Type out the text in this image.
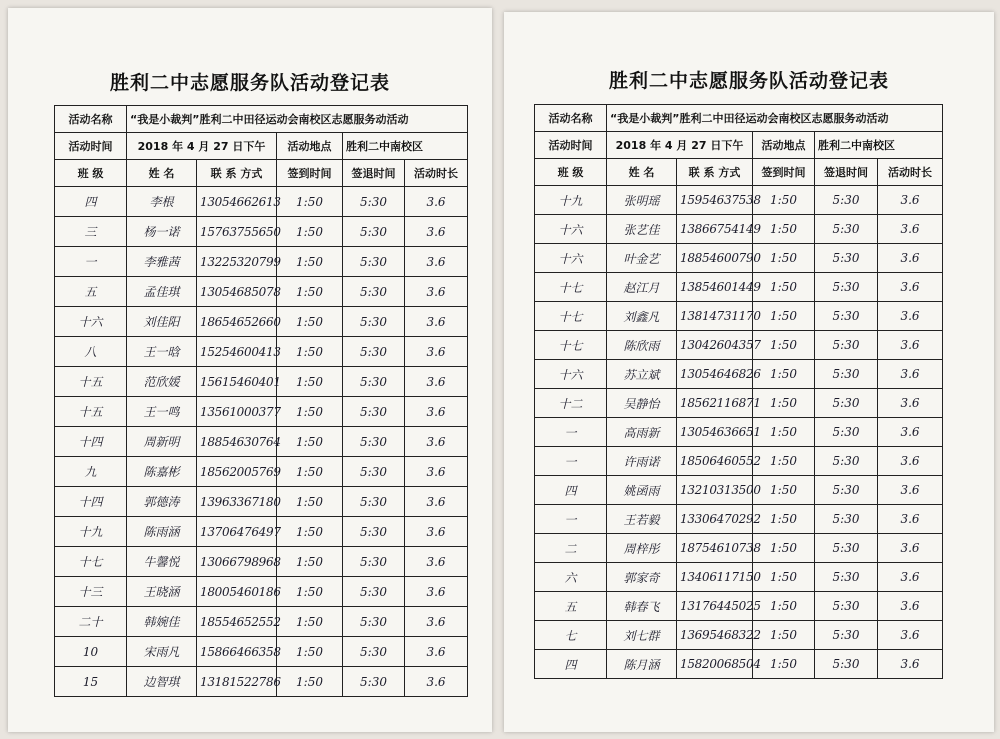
胜利二中志愿服务队活动登记表
活动名称	“我是小裁判”胜利二中田径运动会南校区志愿服务动活动				
活动时间	2018 年 4 月 27 日下午		活动地点	胜利二中南校区	
班 级	姓 名	联 系 方式	签到时间	签退时间	活动时长
四	李根	13054662613	1:50	5:30	3.6
三	杨一诺	15763755650	1:50	5:30	3.6
一	李雅茜	13225320799	1:50	5:30	3.6
五	孟佳琪	13054685078	1:50	5:30	3.6
十六	刘佳阳	18654652660	1:50	5:30	3.6
八	王一晗	15254600413	1:50	5:30	3.6
十五	范欣媛	15615460401	1:50	5:30	3.6
十五	王一鸣	13561000377	1:50	5:30	3.6
十四	周新明	18854630764	1:50	5:30	3.6
九	陈嘉彬	18562005769	1:50	5:30	3.6
十四	郭德涛	13963367180	1:50	5:30	3.6
十九	陈雨涵	13706476497	1:50	5:30	3.6
十七	牛馨悦	13066798968	1:50	5:30	3.6
十三	王晓涵	18005460186	1:50	5:30	3.6
二十	韩婉佳	18554652552	1:50	5:30	3.6
10	宋雨凡	15866466358	1:50	5:30	3.6
15	边智琪	13181522786	1:50	5:30	3.6
胜利二中志愿服务队活动登记表
活动名称	“我是小裁判”胜利二中田径运动会南校区志愿服务动活动				
活动时间	2018 年 4 月 27 日下午		活动地点	胜利二中南校区	
班 级	姓 名	联 系 方式	签到时间	签退时间	活动时长
十九	张明瑶	15954637538	1:50	5:30	3.6
十六	张艺佳	13866754149	1:50	5:30	3.6
十六	叶金艺	18854600790	1:50	5:30	3.6
十七	赵江月	13854601449	1:50	5:30	3.6
十七	刘鑫凡	13814731170	1:50	5:30	3.6
十七	陈欣雨	13042604357	1:50	5:30	3.6
十六	苏立斌	13054646826	1:50	5:30	3.6
十二	吴静怡	18562116871	1:50	5:30	3.6
一	高雨新	13054636651	1:50	5:30	3.6
一	许雨诺	18506460552	1:50	5:30	3.6
四	姚函雨	13210313500	1:50	5:30	3.6
一	王若毅	13306470292	1:50	5:30	3.6
二	周梓彤	18754610738	1:50	5:30	3.6
六	郭家奇	13406117150	1:50	5:30	3.6
五	韩春飞	13176445025	1:50	5:30	3.6
七	刘七群	13695468322	1:50	5:30	3.6
四	陈月涵	15820068504	1:50	5:30	3.6
